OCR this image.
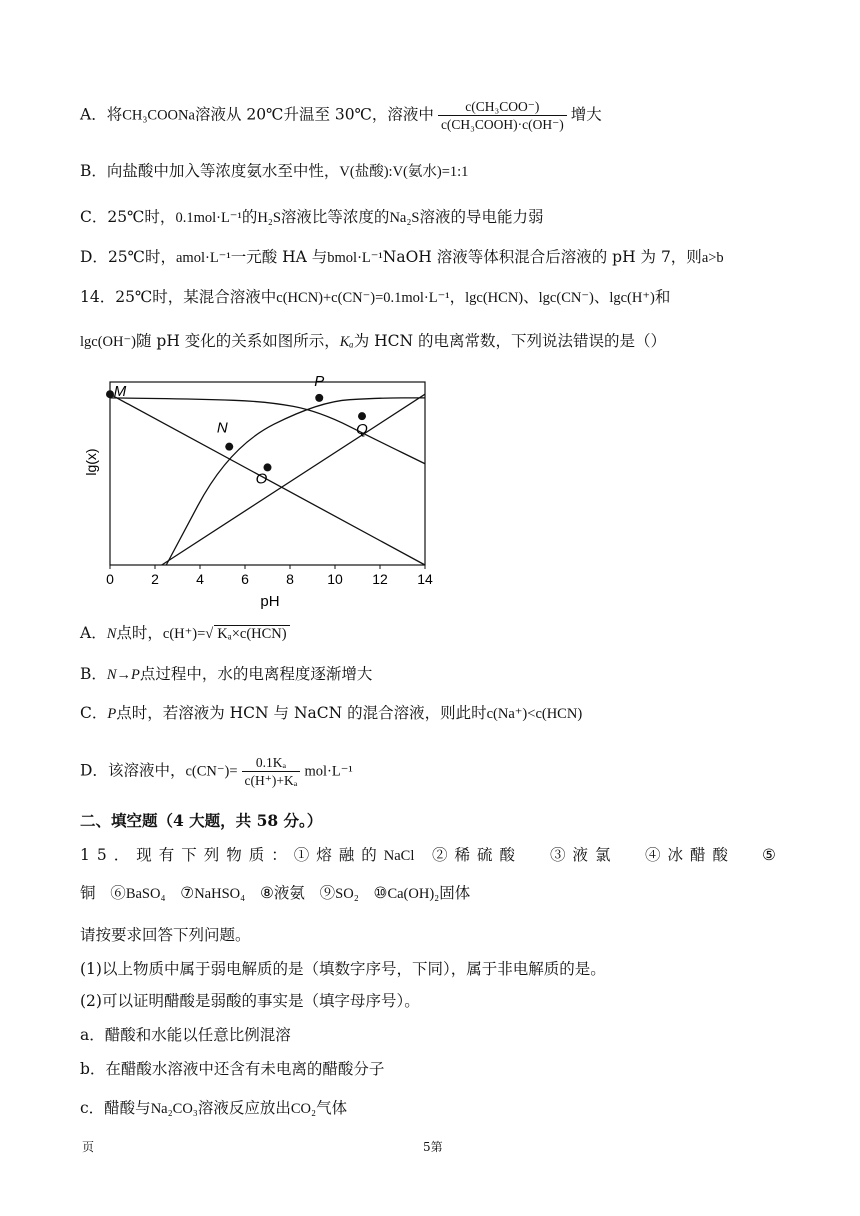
A．将CH₃COONa溶液从 20℃升温至 30℃，溶液中 $\frac{\text{c(CH₃COO⁻)}}{\text{c(CH₃COOH)·c(OH⁻)}}$ 增大
B．向盐酸中加入等浓度氨水至中性，V(盐酸):V(氨水)=1:1
C．25℃时，0.1mol·L⁻¹的H₂S溶液比等浓度的Na₂S溶液的导电能力弱
D．25℃时，amol·L⁻¹一元酸 HA 与bmol·L⁻¹NaOH 溶液等体积混合后溶液的 pH 为 7，则a>b
14．25℃时，某混合溶液中c(HCN)+c(CN⁻)=0.1mol·L⁻¹，lgc(HCN)、lgc(CN⁻)、lgc(H⁺)和
lgc(OH⁻)随 pH 变化的关系如图所示，Kₐ为 HCN 的电离常数，下列说法错误的是（）
M
N
O
P
Q
0	2	4	6	8 10 12 14
pH
lg(x)
A．N点时，c(H⁺)=√ Kₐ×c(HCN)
B．N→P点过程中，水的电离程度逐渐增大
C．P点时，若溶液为 HCN 与 NaCN 的混合溶液，则此时c(Na⁺)<c(HCN)
D．该溶液中，$c(CN^-)= \frac{\text{0.1Kₐ}}{\text{c(H⁺)+Kₐ}} mol\cdot L^{-1}$
二、填空题（4 大题，共 58 分。）
15．现有下列物质：①熔融的NaCl ②稀硫酸 ③液氯 ④冰醋酸 ⑤
铜 ⑥BaSO₄ ⑦NaHSO₄ ⑧液氨 ⑨SO₂ ⑩Ca(OH)₂固体
请按要求回答下列问题。
(1)以上物质中属于弱电解质的是（填数字序号，下同），属于非电解质的是。
(2)可以证明醋酸是弱酸的事实是（填字母序号）。
a．醋酸和水能以任意比例混溶
b．在醋酸水溶液中还含有未电离的醋酸分子
c．醋酸与Na₂CO₃溶液反应放出CO₂气体
页	5第
